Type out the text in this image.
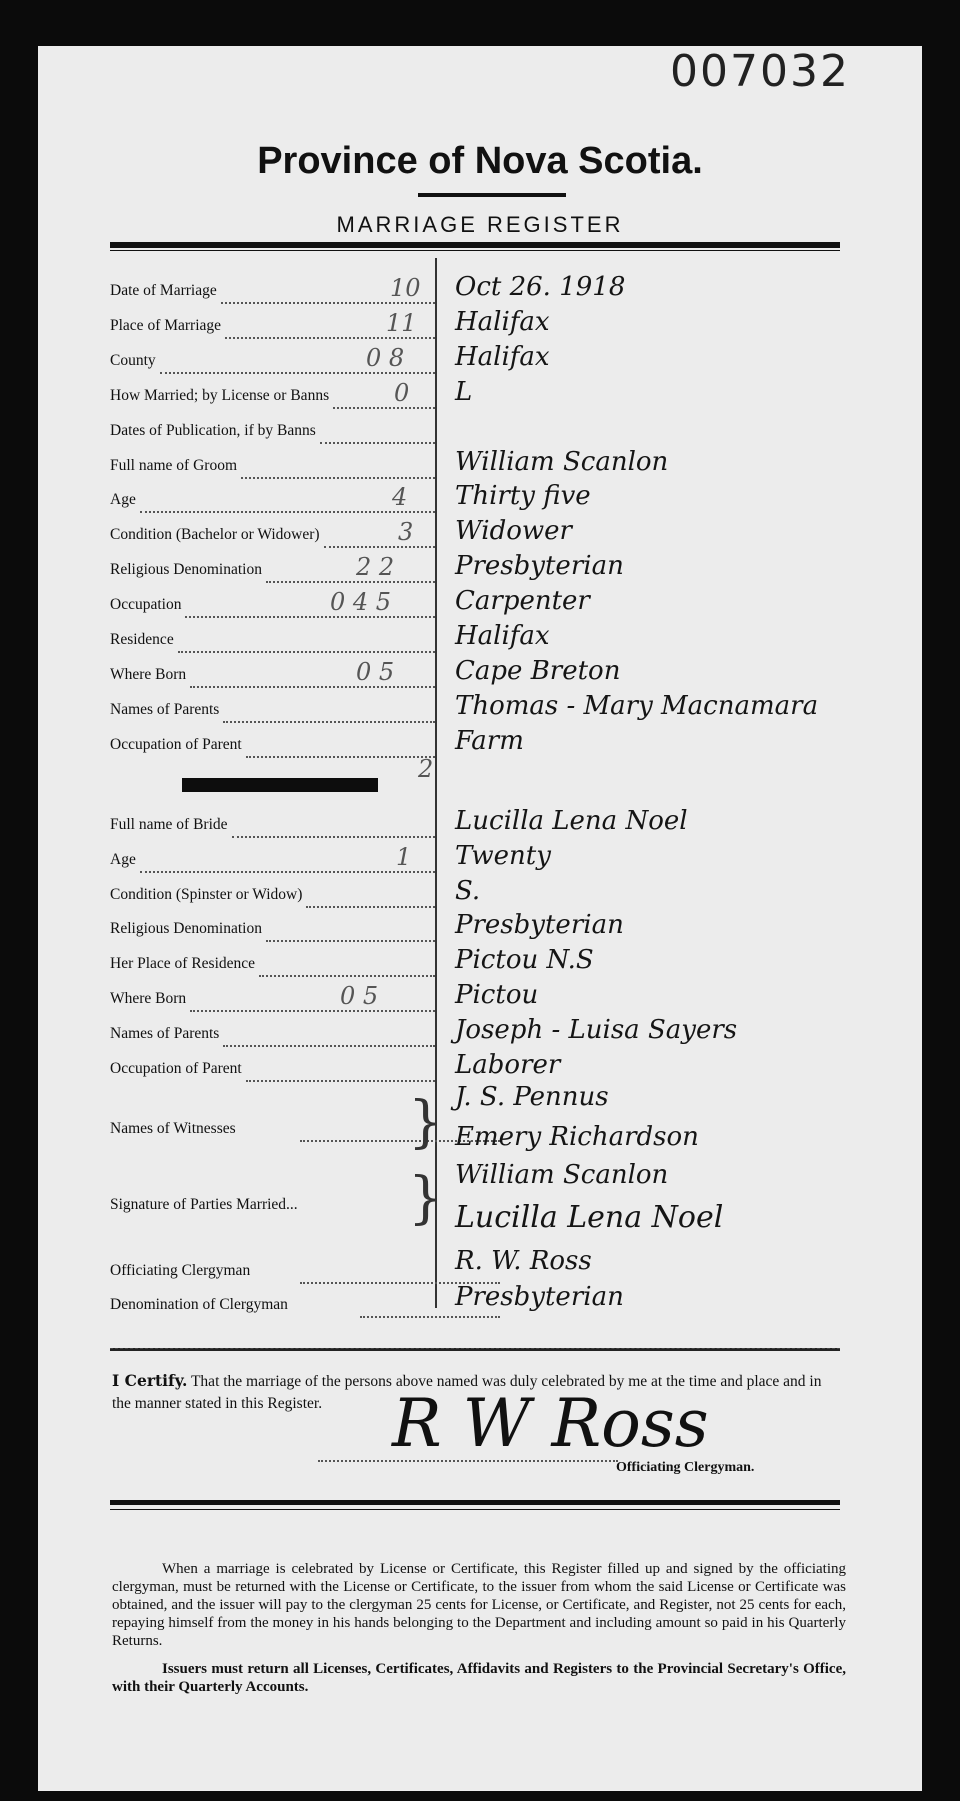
007032
Province of Nova Scotia.
MARRIAGE REGISTER
Date of Marriage	10 Oct 26. 1918
Place of Marriage	11 Halifax
County	0 8 Halifax
How Married; by License or Banns	0 L
Dates of Publication, if by Banns
Full name of Groom	William Scanlon
Age	4 Thirty five
Condition (Bachelor or Widower)	3 Widower
Religious Denomination	2 2 Presbyterian
Occupation	0 4 5 Carpenter
Residence	Halifax
Where Born	0 5 Cape Breton
Names of Parents	Thomas - Mary Macnamara
Occupation of Parent	Farm
2
Full name of Bride	Lucilla Lena Noel
Age	1 Twenty
Condition (Spinster or Widow)	S.
Religious Denomination	Presbyterian
Her Place of Residence	Pictou N.S
Where Born	0 5	Pictou
Names of Parents	Joseph - Luisa Sayers
Occupation of Parent	Laborer
Names of Witnesses	} J. S. Pennus
Emery Richardson
Signature of Parties Married... } William Scanlon
Lucilla Lena Noel
Officiating Clergyman	R. W. Ross
Denomination of Clergyman	Presbyterian
I Certify. That the marriage of the persons above named was duly celebrated by me at the time and place and in the manner stated in this Register.	R W Ross
Officiating Clergyman.
When a marriage is celebrated by License or Certificate, this Register filled up and signed by the officiating clergyman, must be returned with the License or Certificate, to the issuer from whom the said License or Certificate was obtained, and the issuer will pay to the clergyman 25 cents for License, or Certificate, and Register, not 25 cents for each, repaying himself from the money in his hands belonging to the Department and including amount so paid in his Quarterly Returns.
Issuers must return all Licenses, Certificates, Affidavits and Registers to the Provincial Secretary's Office, with their Quarterly Accounts.
